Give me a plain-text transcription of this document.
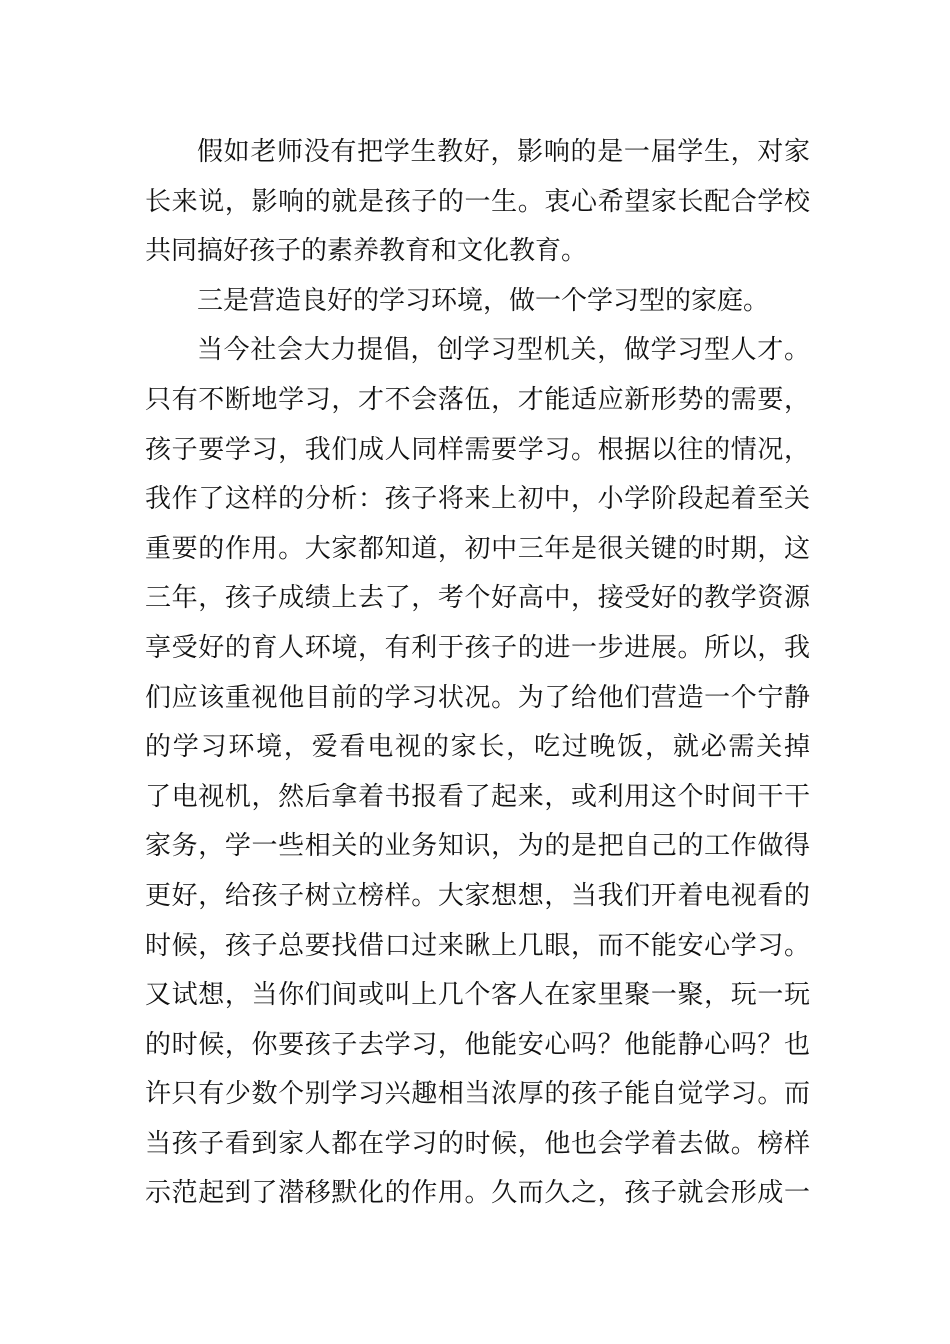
假如老师没有把学生教好，影响的是一届学生，对家
长来说，影响的就是孩子的一生。衷心希望家长配合学校
共同搞好孩子的素养教育和文化教育。
三是营造良好的学习环境，做一个学习型的家庭。
当今社会大力提倡，创学习型机关，做学习型人才。
只有不断地学习，才不会落伍，才能适应新形势的需要，
孩子要学习，我们成人同样需要学习。根据以往的情况，
我作了这样的分析：孩子将来上初中，小学阶段起着至关
重要的作用。大家都知道，初中三年是很关键的时期，这
三年，孩子成绩上去了，考个好高中，接受好的教学资源
享受好的育人环境，有利于孩子的进一步进展。所以，我
们应该重视他目前的学习状况。为了给他们营造一个宁静
的学习环境，爱看电视的家长，吃过晚饭，就必需关掉
了电视机，然后拿着书报看了起来，或利用这个时间干干
家务，学一些相关的业务知识，为的是把自己的工作做得
更好，给孩子树立榜样。大家想想，当我们开着电视看的
时候，孩子总要找借口过来瞅上几眼，而不能安心学习。
又试想，当你们间或叫上几个客人在家里聚一聚，玩一玩
的时候，你要孩子去学习，他能安心吗？他能静心吗？也
许只有少数个别学习兴趣相当浓厚的孩子能自觉学习。而
当孩子看到家人都在学习的时候，他也会学着去做。榜样
示范起到了潜移默化的作用。久而久之，孩子就会形成一
